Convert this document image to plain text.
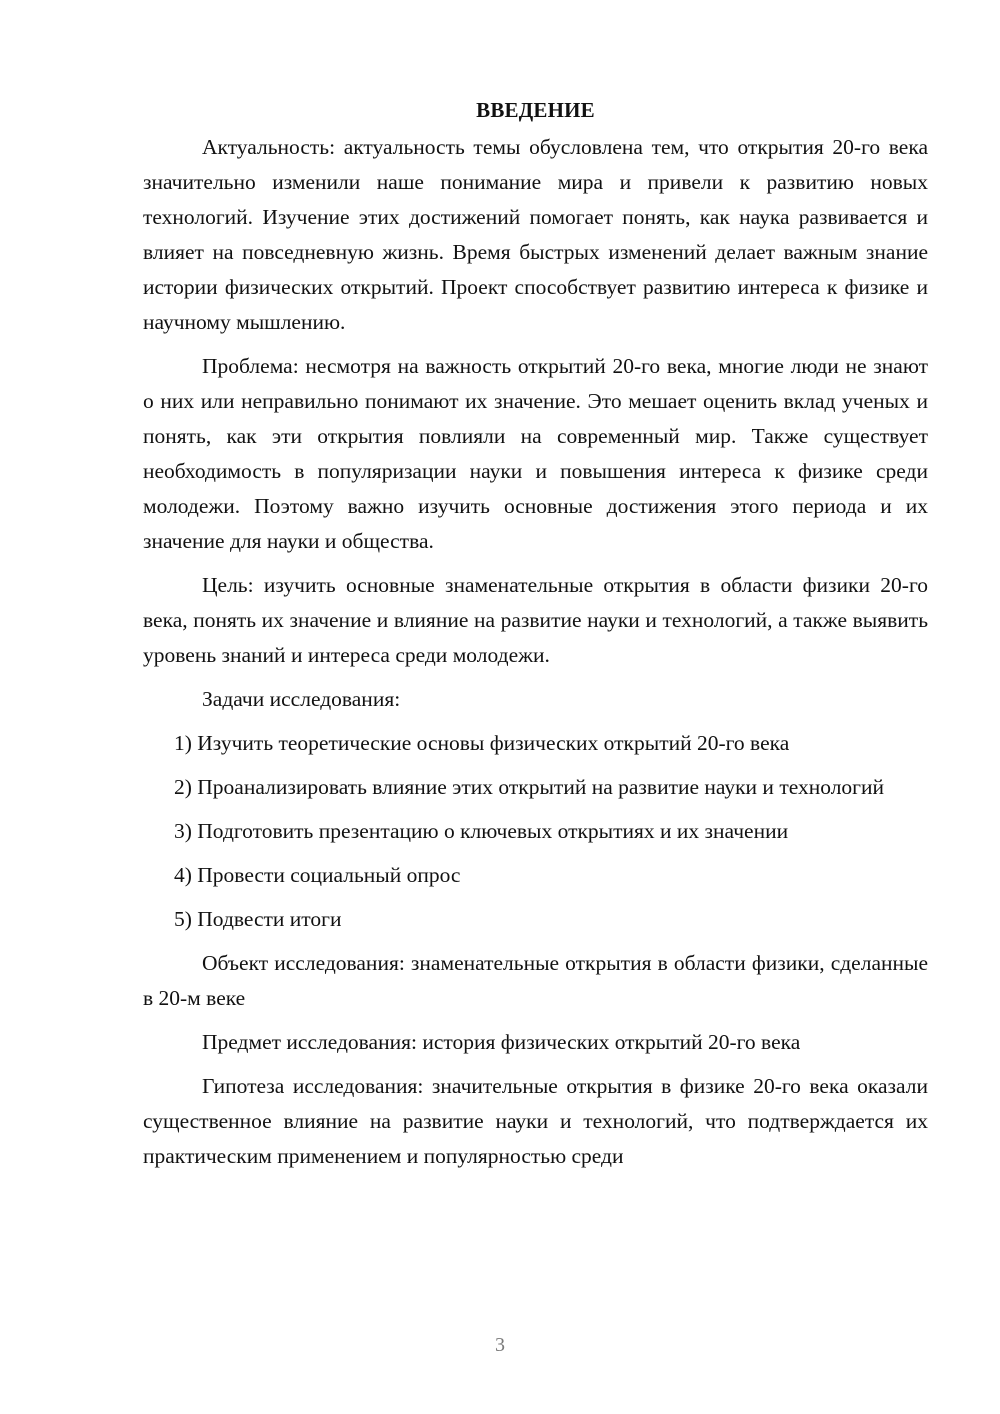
ВВЕДЕНИЕ

Актуальность: актуальность темы обусловлена тем, что открытия 20-го века значительно изменили наше понимание мира и привели к развитию новых технологий. Изучение этих достижений помогает понять, как наука развивается и влияет на повседневную жизнь. Время быстрых изменений делает важным знание истории физических открытий. Проект способствует развитию интереса к физике и научному мышлению.

Проблема: несмотря на важность открытий 20-го века, многие люди не знают о них или неправильно понимают их значение. Это мешает оценить вклад ученых и понять, как эти открытия повлияли на современный мир. Также существует необходимость в популяризации науки и повышения интереса к физике среди молодежи. Поэтому важно изучить основные достижения этого периода и их значение для науки и общества.

Цель: изучить основные знаменательные открытия в области физики 20-го века, понять их значение и влияние на развитие науки и технологий, а также выявить уровень знаний и интереса среди молодежи.

Задачи исследования:

1) Изучить теоретические основы физических открытий 20-го века

2) Проанализировать влияние этих открытий на развитие науки и технологий

3) Подготовить презентацию о ключевых открытиях и их значении

4) Провести социальный опрос

5) Подвести итоги

Объект исследования: знаменательные открытия в области физики, сделанные в 20-м веке

Предмет исследования: история физических открытий 20-го века

Гипотеза исследования: значительные открытия в физике 20-го века оказали существенное влияние на развитие науки и технологий, что подтверждается их практическим применением и популярностью среди

3
